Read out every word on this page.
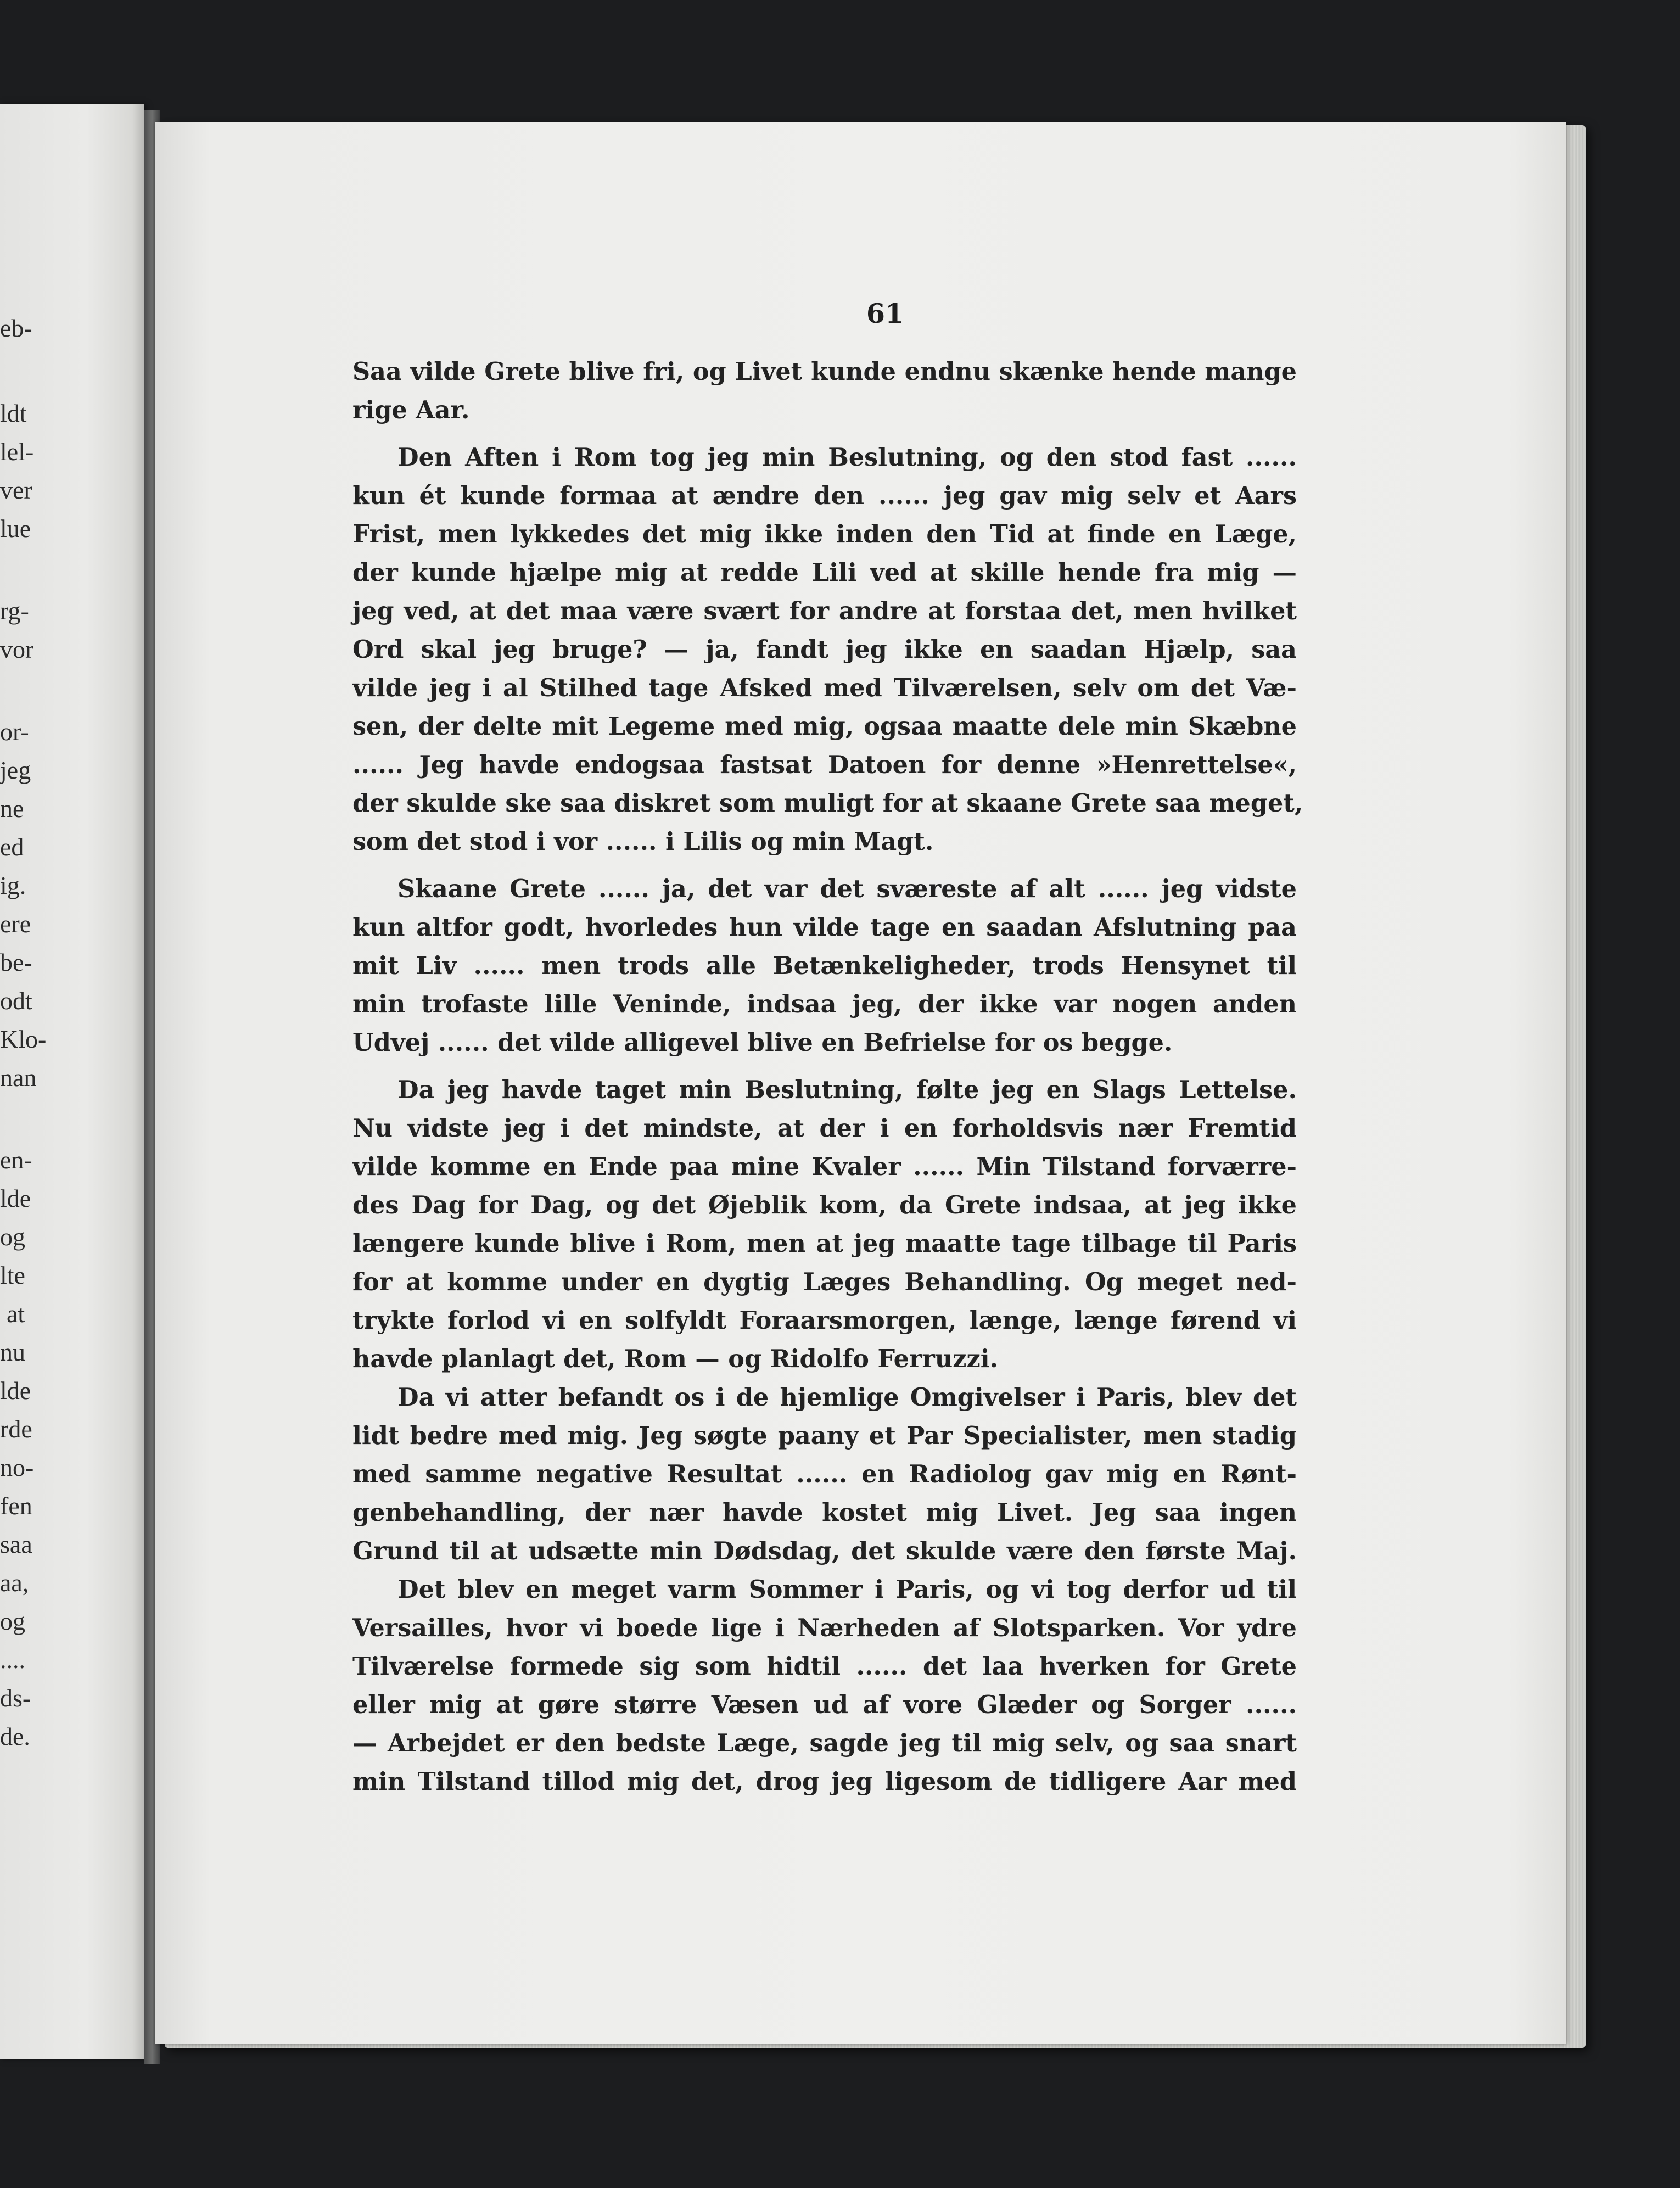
eb-
ldt
lel-
ver
lue
rg-
vor
or-
jeg
ne
ed
ig.
ere
be-
odt
Klo-
nan
en-
lde
og
lte
at
nu
lde
rde
no-
fen
saa
aa,
og
....
ds-
de.
61
Saa vilde Grete blive fri, og Livet kunde endnu skænke hende mange
rige Aar.
Den Aften i Rom tog jeg min Beslutning, og den stod fast ......
kun ét kunde formaa at ændre den ...... jeg gav mig selv et Aars
Frist, men lykkedes det mig ikke inden den Tid at finde en Læge,
der kunde hjælpe mig at redde Lili ved at skille hende fra mig —
jeg ved, at det maa være svært for andre at forstaa det, men hvilket
Ord skal jeg bruge? — ja, fandt jeg ikke en saadan Hjælp, saa
vilde jeg i al Stilhed tage Afsked med Tilværelsen, selv om det Væ-
sen, der delte mit Legeme med mig, ogsaa maatte dele min Skæbne
...... Jeg havde endogsaa fastsat Datoen for denne »Henrettelse«,
der skulde ske saa diskret som muligt for at skaane Grete saa meget,
som det stod i vor ...... i Lilis og min Magt.
Skaane Grete ...... ja, det var det sværeste af alt ...... jeg vidste
kun altfor godt, hvorledes hun vilde tage en saadan Afslutning paa
mit Liv ...... men trods alle Betænkeligheder, trods Hensynet til
min trofaste lille Veninde, indsaa jeg, der ikke var nogen anden
Udvej ...... det vilde alligevel blive en Befrielse for os begge.
Da jeg havde taget min Beslutning, følte jeg en Slags Lettelse.
Nu vidste jeg i det mindste, at der i en forholdsvis nær Fremtid
vilde komme en Ende paa mine Kvaler ...... Min Tilstand forværre-
des Dag for Dag, og det Øjeblik kom, da Grete indsaa, at jeg ikke
længere kunde blive i Rom, men at jeg maatte tage tilbage til Paris
for at komme under en dygtig Læges Behandling. Og meget ned-
trykte forlod vi en solfyldt Foraarsmorgen, længe, længe førend vi
havde planlagt det, Rom — og Ridolfo Ferruzzi.
Da vi atter befandt os i de hjemlige Omgivelser i Paris, blev det
lidt bedre med mig. Jeg søgte paany et Par Specialister, men stadig
med samme negative Resultat ...... en Radiolog gav mig en Rønt-
genbehandling, der nær havde kostet mig Livet. Jeg saa ingen
Grund til at udsætte min Dødsdag, det skulde være den første Maj.
Det blev en meget varm Sommer i Paris, og vi tog derfor ud til
Versailles, hvor vi boede lige i Nærheden af Slotsparken. Vor ydre
Tilværelse formede sig som hidtil ...... det laa hverken for Grete
eller mig at gøre større Væsen ud af vore Glæder og Sorger ......
— Arbejdet er den bedste Læge, sagde jeg til mig selv, og saa snart
min Tilstand tillod mig det, drog jeg ligesom de tidligere Aar med
